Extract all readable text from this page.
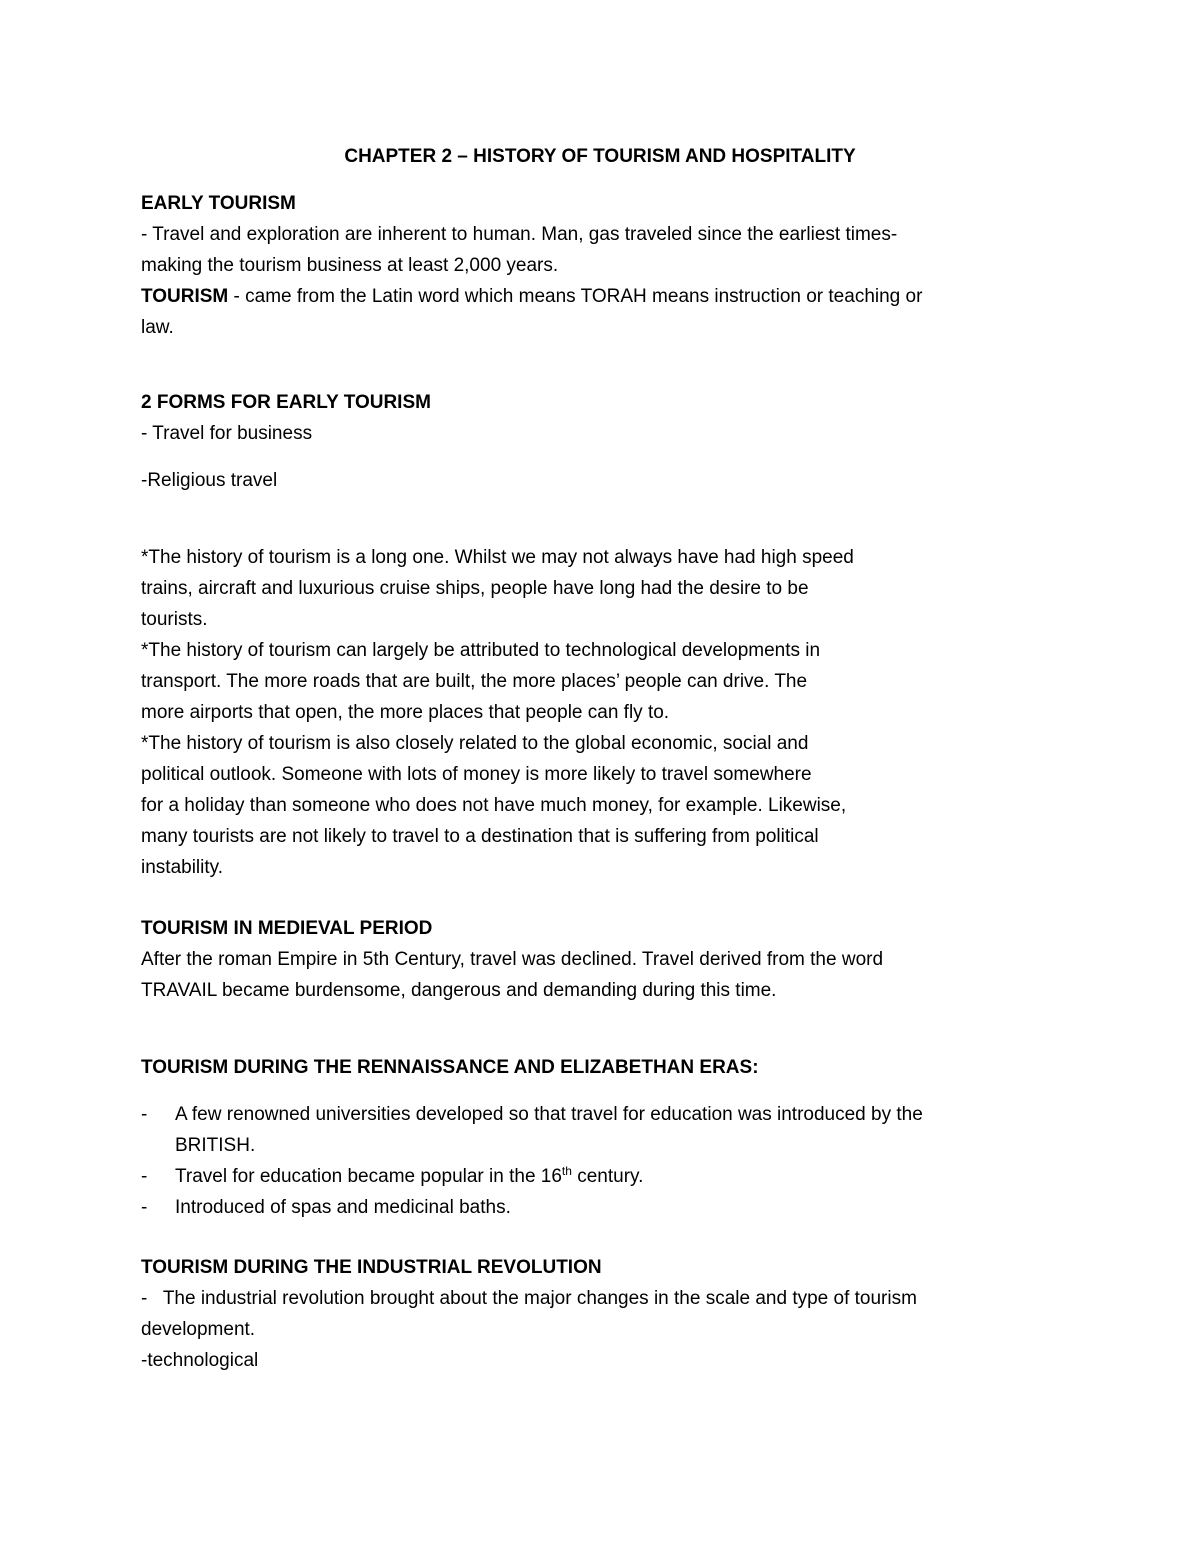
CHAPTER 2 – HISTORY OF TOURISM AND HOSPITALITY
EARLY TOURISM
- Travel and exploration are inherent to human. Man, gas traveled since the earliest times-
making the tourism business at least 2,000 years.
TOURISM - came from the Latin word which means TORAH means instruction or teaching or
law.
2 FORMS FOR EARLY TOURISM
- Travel for business
-Religious travel
*The history of tourism is a long one. Whilst we may not always have had high speed
trains, aircraft and luxurious cruise ships, people have long had the desire to be
tourists.
*The history of tourism can largely be attributed to technological developments in
transport. The more roads that are built, the more places’ people can drive. The
more airports that open, the more places that people can fly to.
*The history of tourism is also closely related to the global economic, social and
political outlook. Someone with lots of money is more likely to travel somewhere
for a holiday than someone who does not have much money, for example. Likewise,
many tourists are not likely to travel to a destination that is suffering from political
instability.
TOURISM IN MEDIEVAL PERIOD
After the roman Empire in 5th Century, travel was declined. Travel derived from the word
TRAVAIL became burdensome, dangerous and demanding during this time.
TOURISM DURING THE RENNAISSANCE AND ELIZABETHAN ERAS:
- A few renowned universities developed so that travel for education was introduced by the
BRITISH.
- Travel for education became popular in the 16th century.
- Introduced of spas and medicinal baths.
TOURISM DURING THE INDUSTRIAL REVOLUTION
-   The industrial revolution brought about the major changes in the scale and type of tourism
development.
-technological
